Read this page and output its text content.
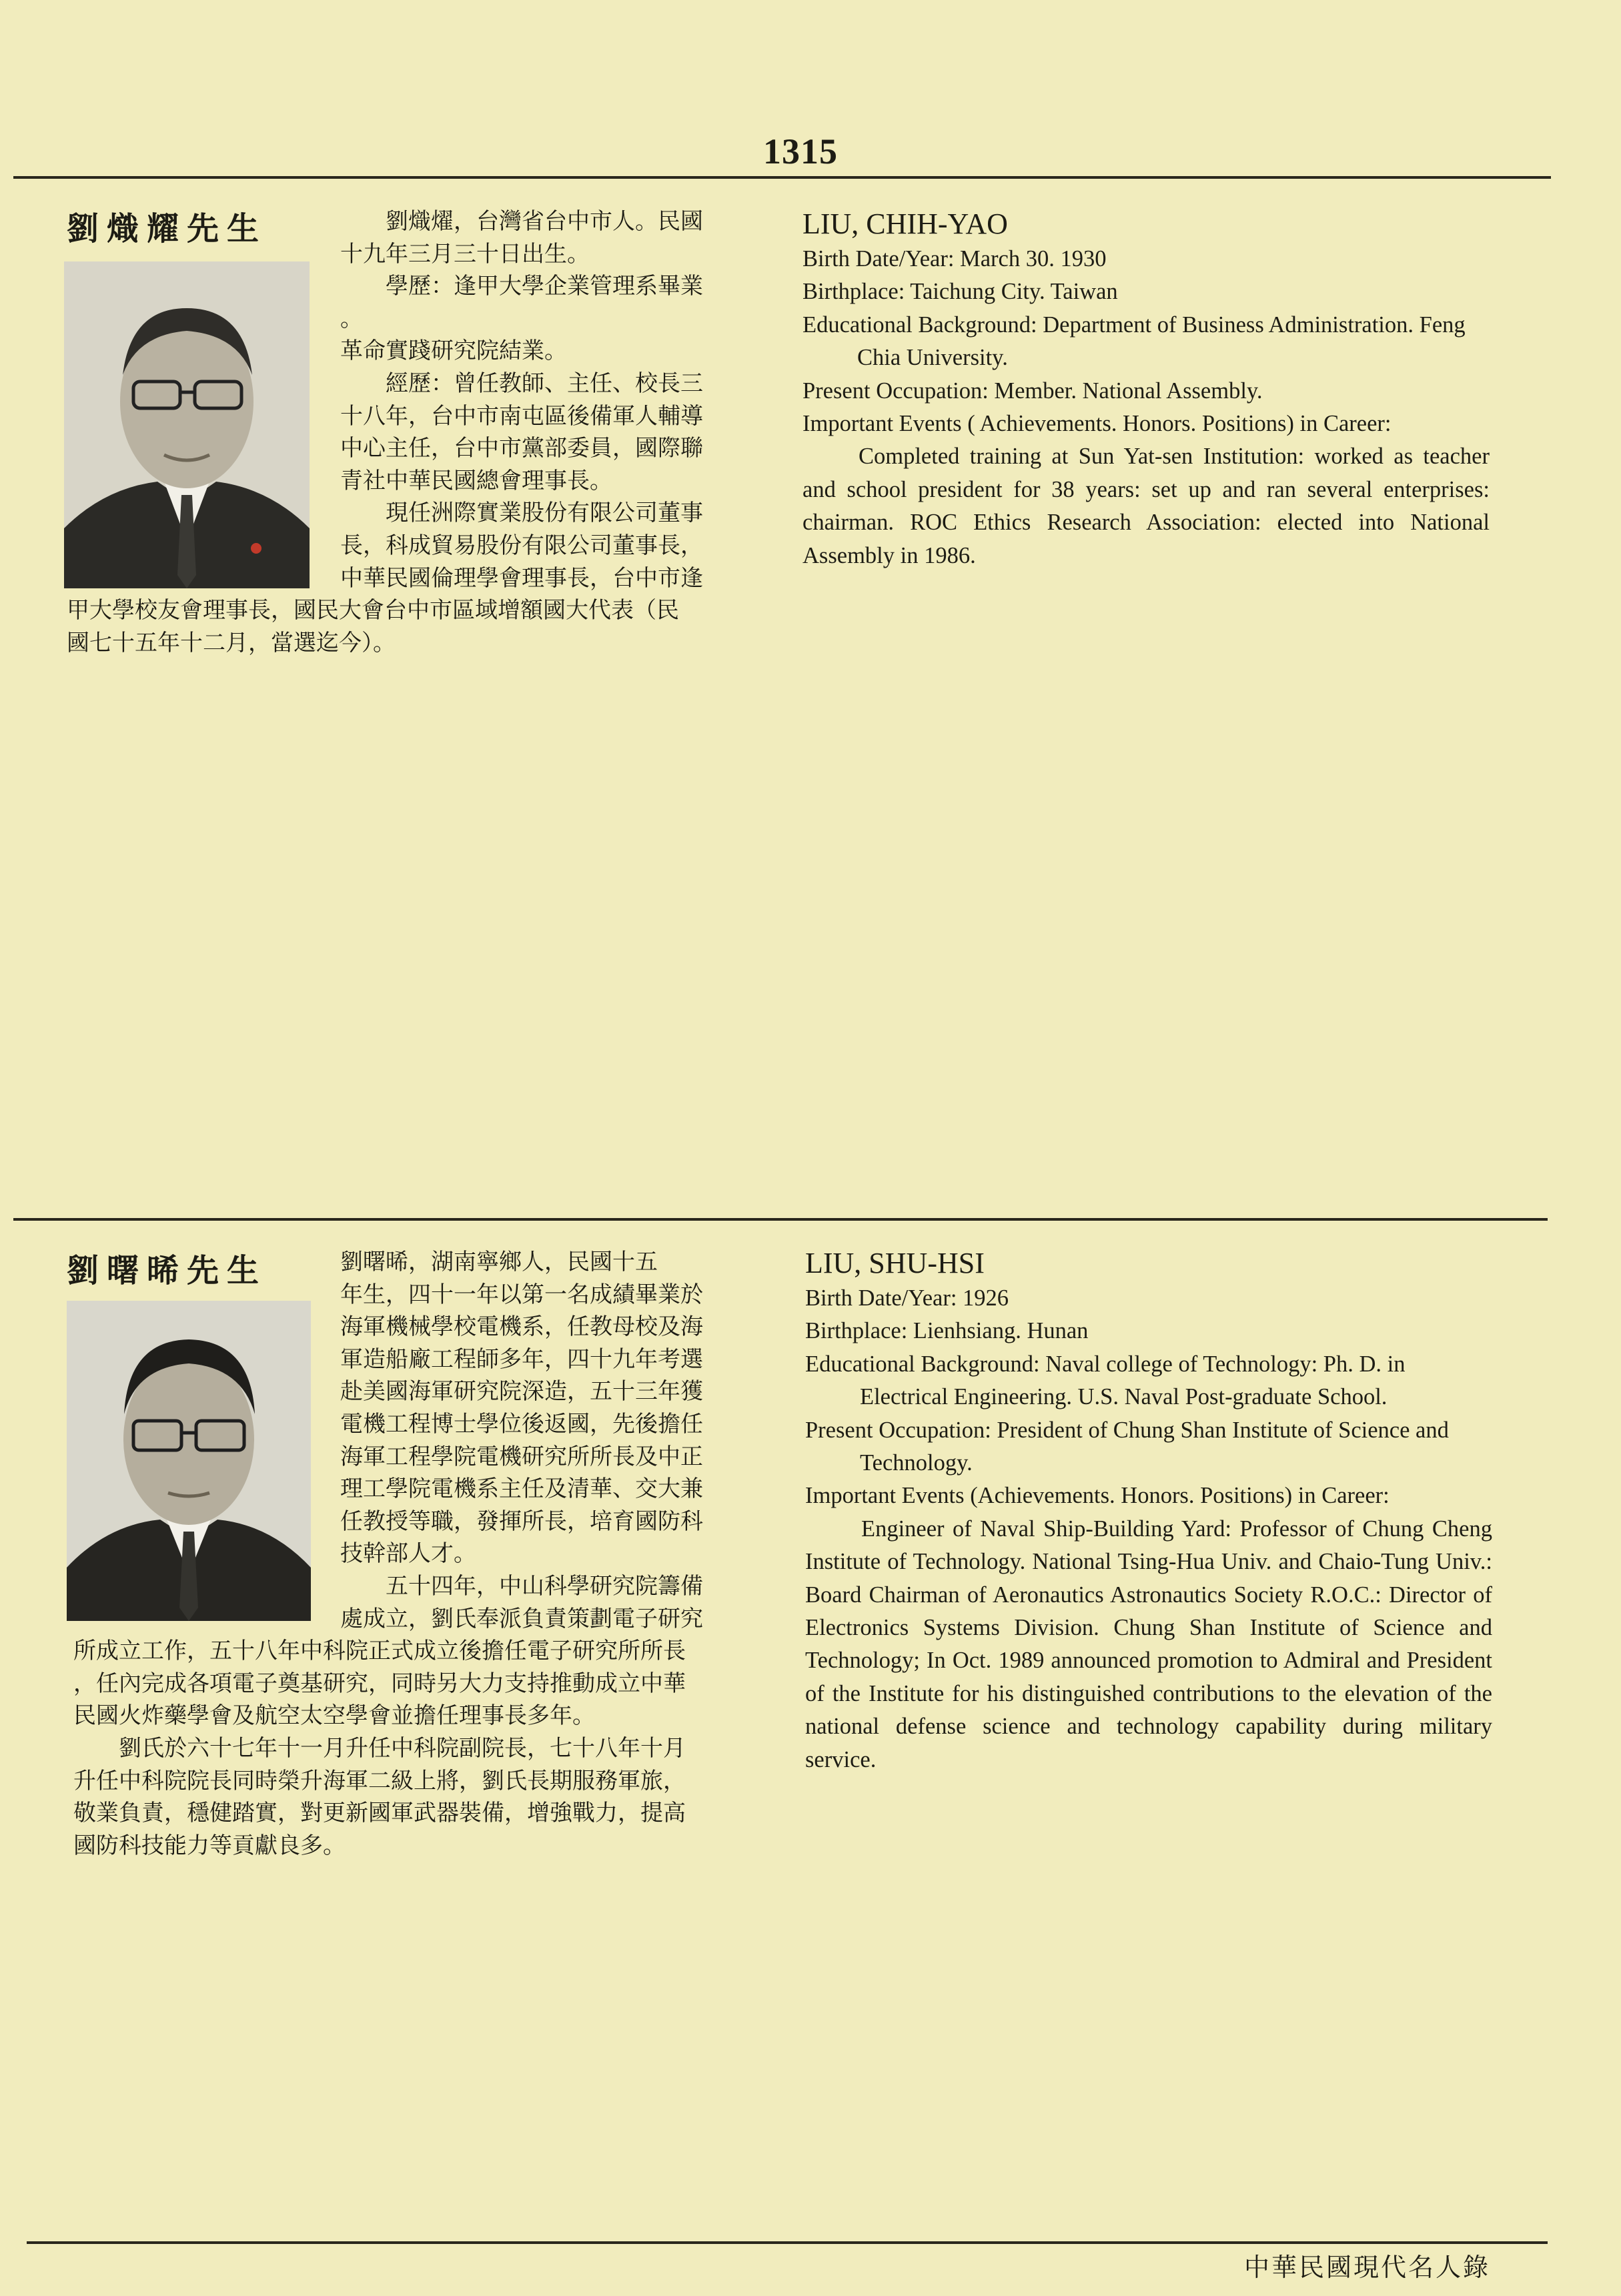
1315
劉熾耀先生	　　劉熾燿，台灣省台中市人。民國
十九年三月三十日出生。
　　學歷：逢甲大學企業管理系畢業
。
革命實踐研究院結業。
　　經歷：曾任教師、主任、校長三
十八年，台中市南屯區後備軍人輔導
中心主任，台中市黨部委員，國際聯
青社中華民國總會理事長。
　　現任洲際實業股份有限公司董事
長，科成貿易股份有限公司董事長，
中華民國倫理學會理事長，台中市逢
甲大學校友會理事長，國民大會台中市區域增額國大代表（民
國七十五年十二月，當選迄今）。
LIU, CHIH-YAO
Birth Date/Year: March 30. 1930
Birthplace: Taichung City. Taiwan
Educational Background: Department of Business Administration. Feng Chia University.
Present Occupation: Member. National Assembly.
Important Events ( Achievements. Honors. Positions) in Career:
Completed training at Sun Yat-sen Institution: worked as teacher and school president for 38 years: set up and ran several enterprises: chairman. ROC Ethics Research Association: elected into National Assembly in 1986.
劉曙晞先生	劉曙晞，湖南寧鄉人，民國十五
年生，四十一年以第一名成績畢業於
海軍機械學校電機系，任教母校及海
軍造船廠工程師多年，四十九年考選
赴美國海軍研究院深造，五十三年獲
電機工程博士學位後返國，先後擔任
海軍工程學院電機研究所所長及中正
理工學院電機系主任及清華、交大兼
任教授等職，發揮所長，培育國防科
技幹部人才。
　　五十四年，中山科學研究院籌備
處成立，劉氏奉派負責策劃電子研究
所成立工作，五十八年中科院正式成立後擔任電子研究所所長
，任內完成各項電子奠基研究，同時另大力支持推動成立中華
民國火炸藥學會及航空太空學會並擔任理事長多年。
　　劉氏於六十七年十一月升任中科院副院長，七十八年十月
升任中科院院長同時榮升海軍二級上將，劉氏長期服務軍旅，
敬業負責，穩健踏實，對更新國軍武器裝備，增強戰力，提高
國防科技能力等貢獻良多。
LIU, SHU-HSI
Birth Date/Year: 1926
Birthplace: Lienhsiang. Hunan
Educational Background: Naval college of Technology: Ph. D. in Electrical Engineering. U.S. Naval Post-graduate School.
Present Occupation: President of Chung Shan Institute of Science and Technology.
Important Events (Achievements. Honors. Positions) in Career:
Engineer of Naval Ship-Building Yard: Professor of Chung Cheng Institute of Technology. National Tsing-Hua Univ. and Chaio-Tung Univ.: Board Chairman of Aeronautics Astronautics Society R.O.C.: Director of Electronics Systems Division. Chung Shan Institute of Science and Technology; In Oct. 1989 announced promotion to Admiral and President of the Institute for his distinguished contributions to the elevation of the national defense science and technology capability during military service.
中華民國現代名人錄
